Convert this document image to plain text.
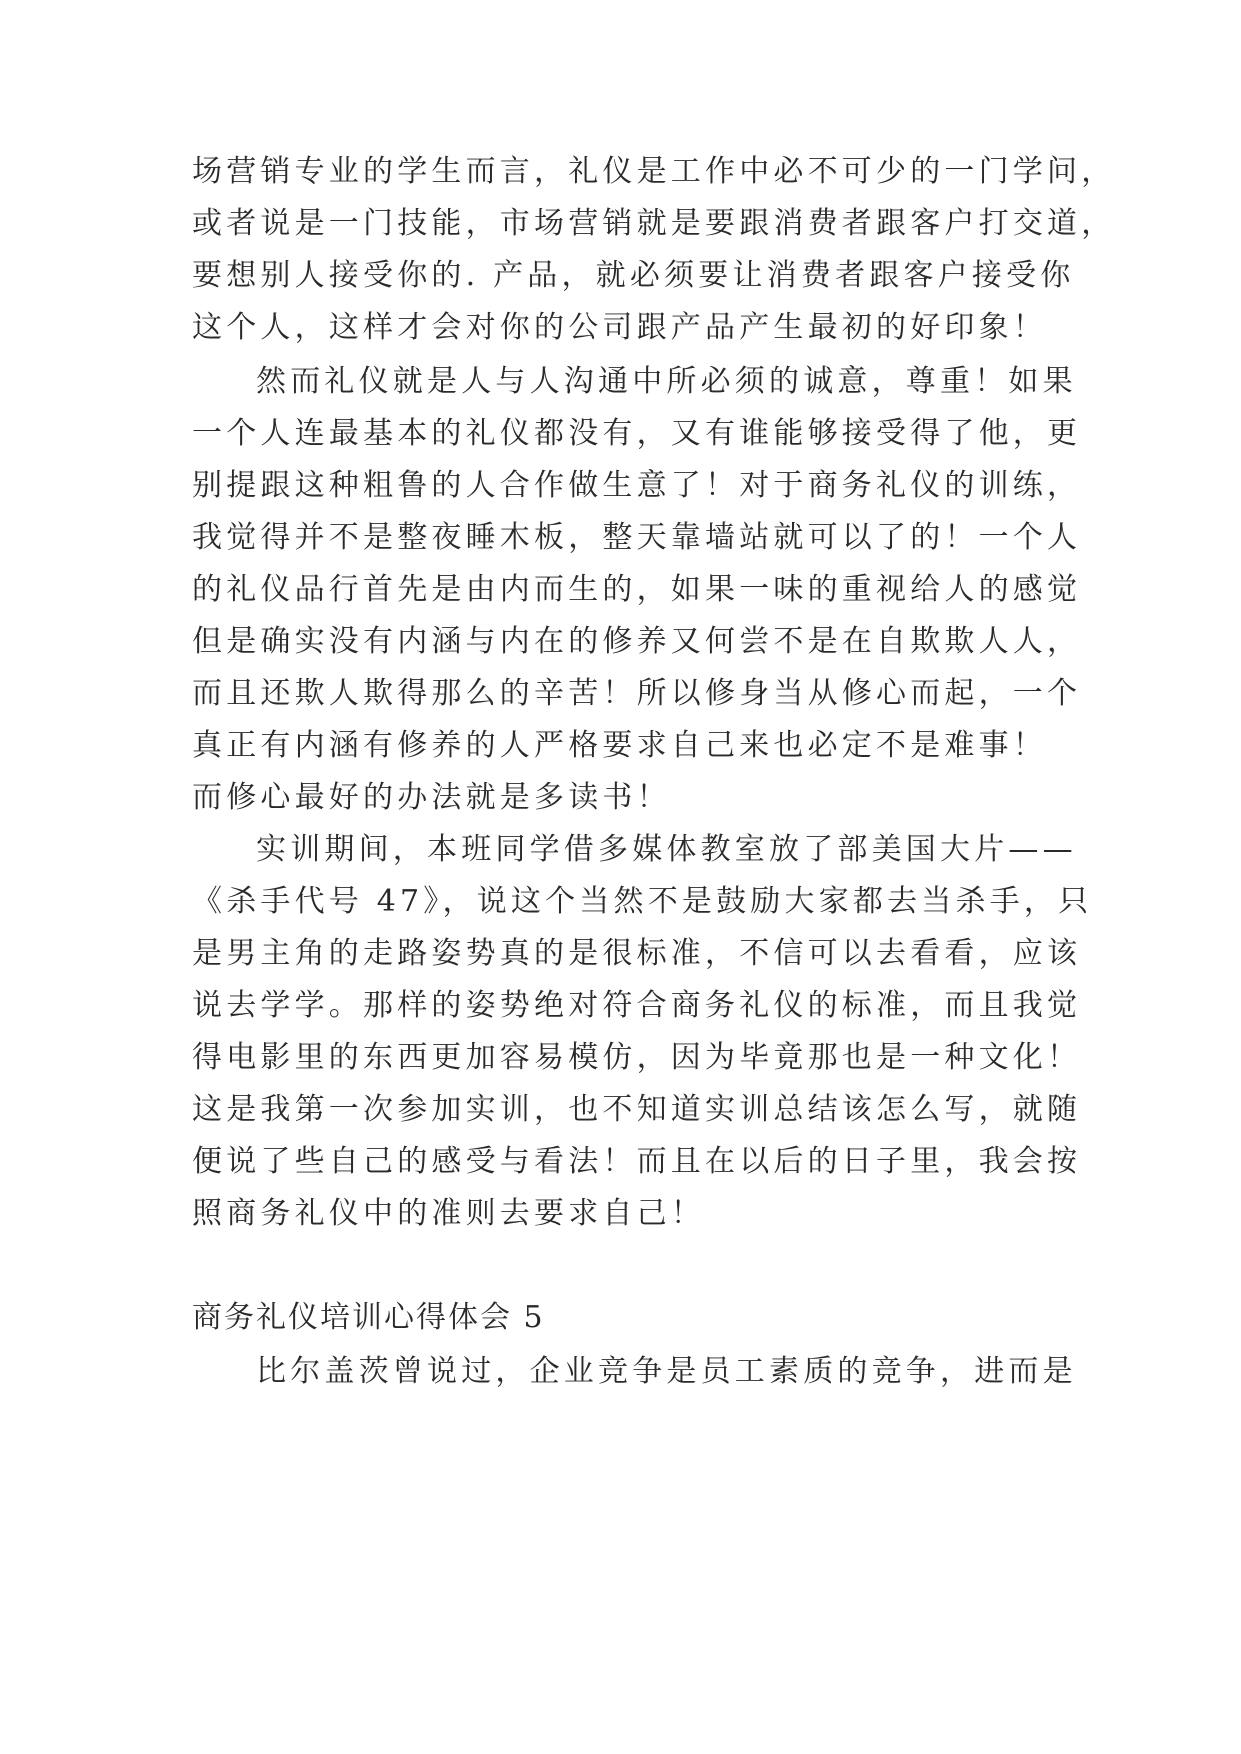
场营销专业的学生而言，礼仪是工作中必不可少的一门学问，

或者说是一门技能，市场营销就是要跟消费者跟客户打交道，

要想别人接受你的. 产品，就必须要让消费者跟客户接受你

这个人，这样才会对你的公司跟产品产生最初的好印象！

然而礼仪就是人与人沟通中所必须的诚意，尊重！如果

一个人连最基本的礼仪都没有，又有谁能够接受得了他，更

别提跟这种粗鲁的人合作做生意了！对于商务礼仪的训练，

我觉得并不是整夜睡木板，整天靠墙站就可以了的！一个人

的礼仪品行首先是由内而生的，如果一味的重视给人的感觉

但是确实没有内涵与内在的修养又何尝不是在自欺欺人人，

而且还欺人欺得那么的辛苦！所以修身当从修心而起，一个

真正有内涵有修养的人严格要求自己来也必定不是难事！

而修心最好的办法就是多读书！

实训期间，本班同学借多媒体教室放了部美国大片——

《杀手代号 47》，说这个当然不是鼓励大家都去当杀手，只

是男主角的走路姿势真的是很标准，不信可以去看看，应该

说去学学。那样的姿势绝对符合商务礼仪的标准，而且我觉

得电影里的东西更加容易模仿，因为毕竟那也是一种文化！

这是我第一次参加实训，也不知道实训总结该怎么写，就随

便说了些自己的感受与看法！而且在以后的日子里，我会按

照商务礼仪中的准则去要求自己！

商务礼仪培训心得体会 5

比尔盖茨曾说过，企业竞争是员工素质的竞争，进而是
